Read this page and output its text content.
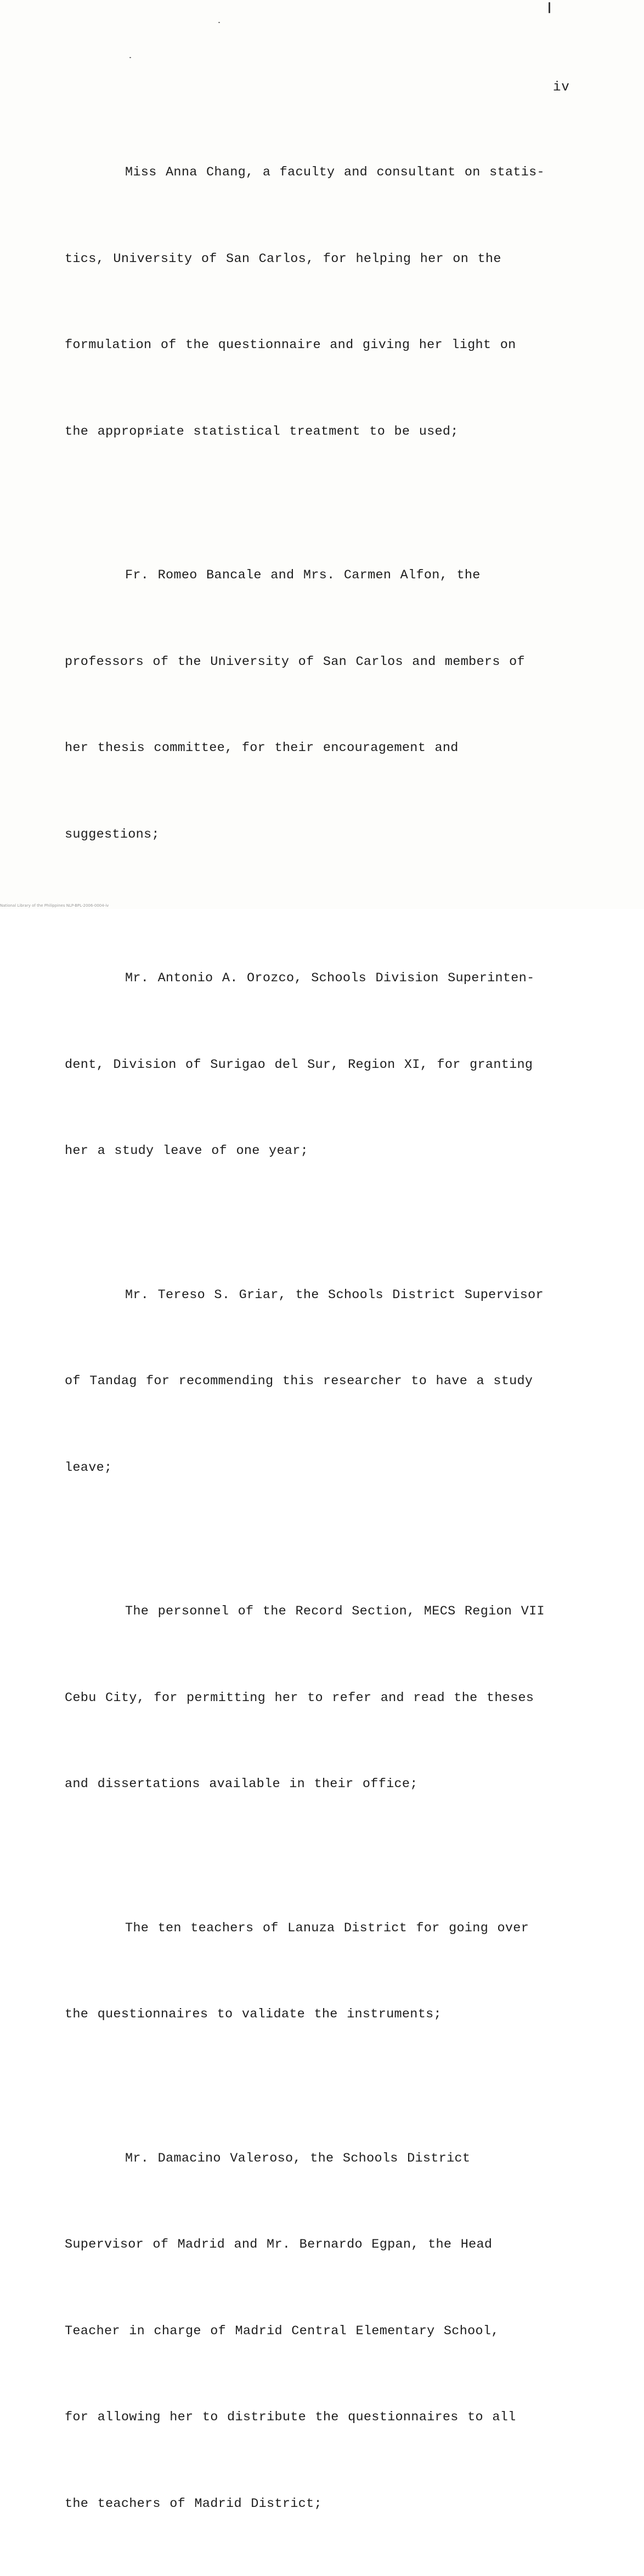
iv

Miss Anna Chang, a faculty and consultant on statis-

tics, University of San Carlos, for helping her on the

formulation of the questionnaire and giving her light on

the appropriate statistical treatment to be used;

Fr. Romeo Bancale and Mrs. Carmen Alfon, the

professors of the University of San Carlos and members of

her thesis committee, for their encouragement and

suggestions;

Mr. Antonio A. Orozco, Schools Division Superinten-

dent, Division of Surigao del Sur, Region XI, for granting

her a study leave of one year;

Mr. Tereso S. Griar, the Schools District Supervisor

of Tandag for recommending this researcher to have a study

leave;

The personnel of the Record Section, MECS Region VII

Cebu City, for permitting her to refer and read the theses

and dissertations available in their office;

The ten teachers of Lanuza District for going over

the questionnaires to validate the instruments;

Mr. Damacino Valeroso, the Schools District

Supervisor of Madrid and Mr. Bernardo Egpan, the Head

Teacher in charge of Madrid Central Elementary School,

for allowing her to distribute the questionnaires to all

the teachers of Madrid District;

National Library of the Philippines NLP-BPL-2006-0004-iv
